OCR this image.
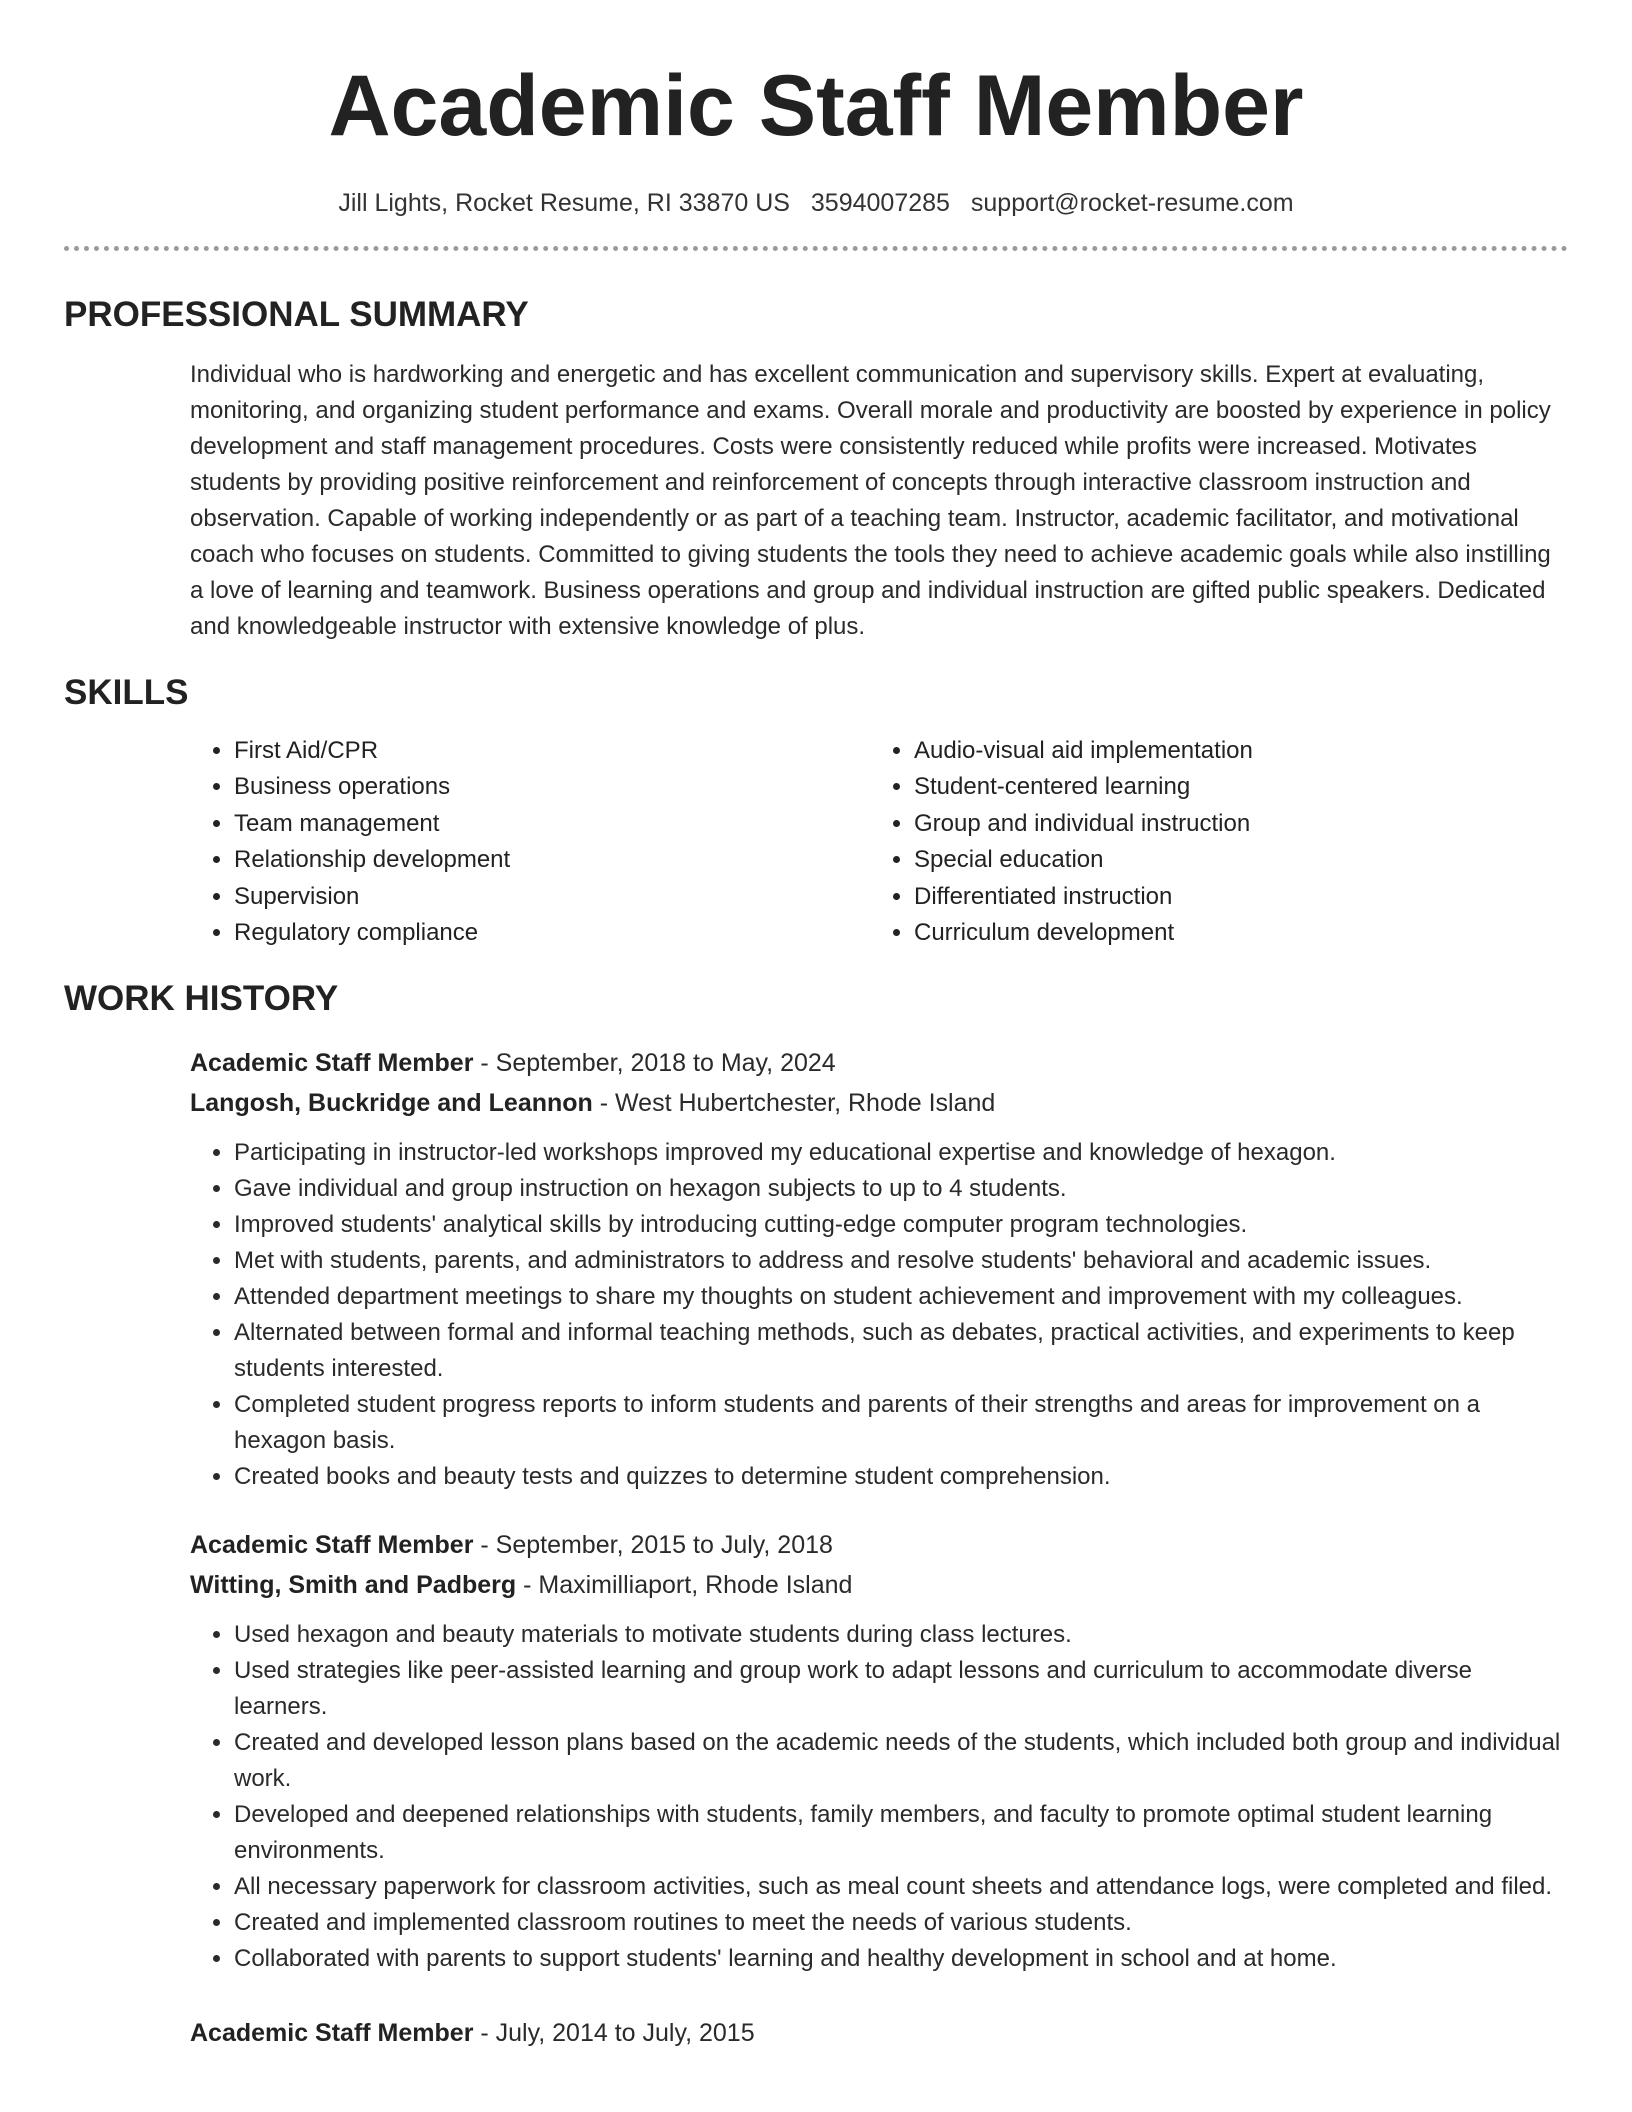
Academic Staff Member
Jill Lights, Rocket Resume, RI 33870 US 3594007285 support@rocket-resume.com
PROFESSIONAL SUMMARY

Individual who is hardworking and energetic and has excellent communication and supervisory skills. Expert at evaluating, monitoring, and organizing student performance and exams. Overall morale and productivity are boosted by experience in policy development and staff management procedures. Costs were consistently reduced while profits were increased. Motivates students by providing positive reinforcement and reinforcement of concepts through interactive classroom instruction and observation. Capable of working independently or as part of a teaching team. Instructor, academic facilitator, and motivational coach who focuses on students. Committed to giving students the tools they need to achieve academic goals while also instilling a love of learning and teamwork. Business operations and group and individual instruction are gifted public speakers. Dedicated and knowledgeable instructor with extensive knowledge of plus.

SKILLS
• First Aid/CPR
• Business operations
• Team management
• Relationship development
• Supervision
• Regulatory compliance
• Audio-visual aid implementation
• Student-centered learning
• Group and individual instruction
• Special education
• Differentiated instruction
• Curriculum development
WORK HISTORY
Academic Staff Member - September, 2018 to May, 2024
Langosh, Buckridge and Leannon - West Hubertchester, Rhode Island
• Participating in instructor-led workshops improved my educational expertise and knowledge of hexagon.
• Gave individual and group instruction on hexagon subjects to up to 4 students.
• Improved students' analytical skills by introducing cutting-edge computer program technologies.
• Met with students, parents, and administrators to address and resolve students' behavioral and academic issues.
• Attended department meetings to share my thoughts on student achievement and improvement with my colleagues.
• Alternated between formal and informal teaching methods, such as debates, practical activities, and experiments to keep students interested.
• Completed student progress reports to inform students and parents of their strengths and areas for improvement on a hexagon basis.
• Created books and beauty tests and quizzes to determine student comprehension.
Academic Staff Member - September, 2015 to July, 2018
Witting, Smith and Padberg - Maximilliaport, Rhode Island
• Used hexagon and beauty materials to motivate students during class lectures.
• Used strategies like peer-assisted learning and group work to adapt lessons and curriculum to accommodate diverse learners.
• Created and developed lesson plans based on the academic needs of the students, which included both group and individual work.
• Developed and deepened relationships with students, family members, and faculty to promote optimal student learning environments.
• All necessary paperwork for classroom activities, such as meal count sheets and attendance logs, were completed and filed.
• Created and implemented classroom routines to meet the needs of various students.
• Collaborated with parents to support students' learning and healthy development in school and at home.
Academic Staff Member - July, 2014 to July, 2015
